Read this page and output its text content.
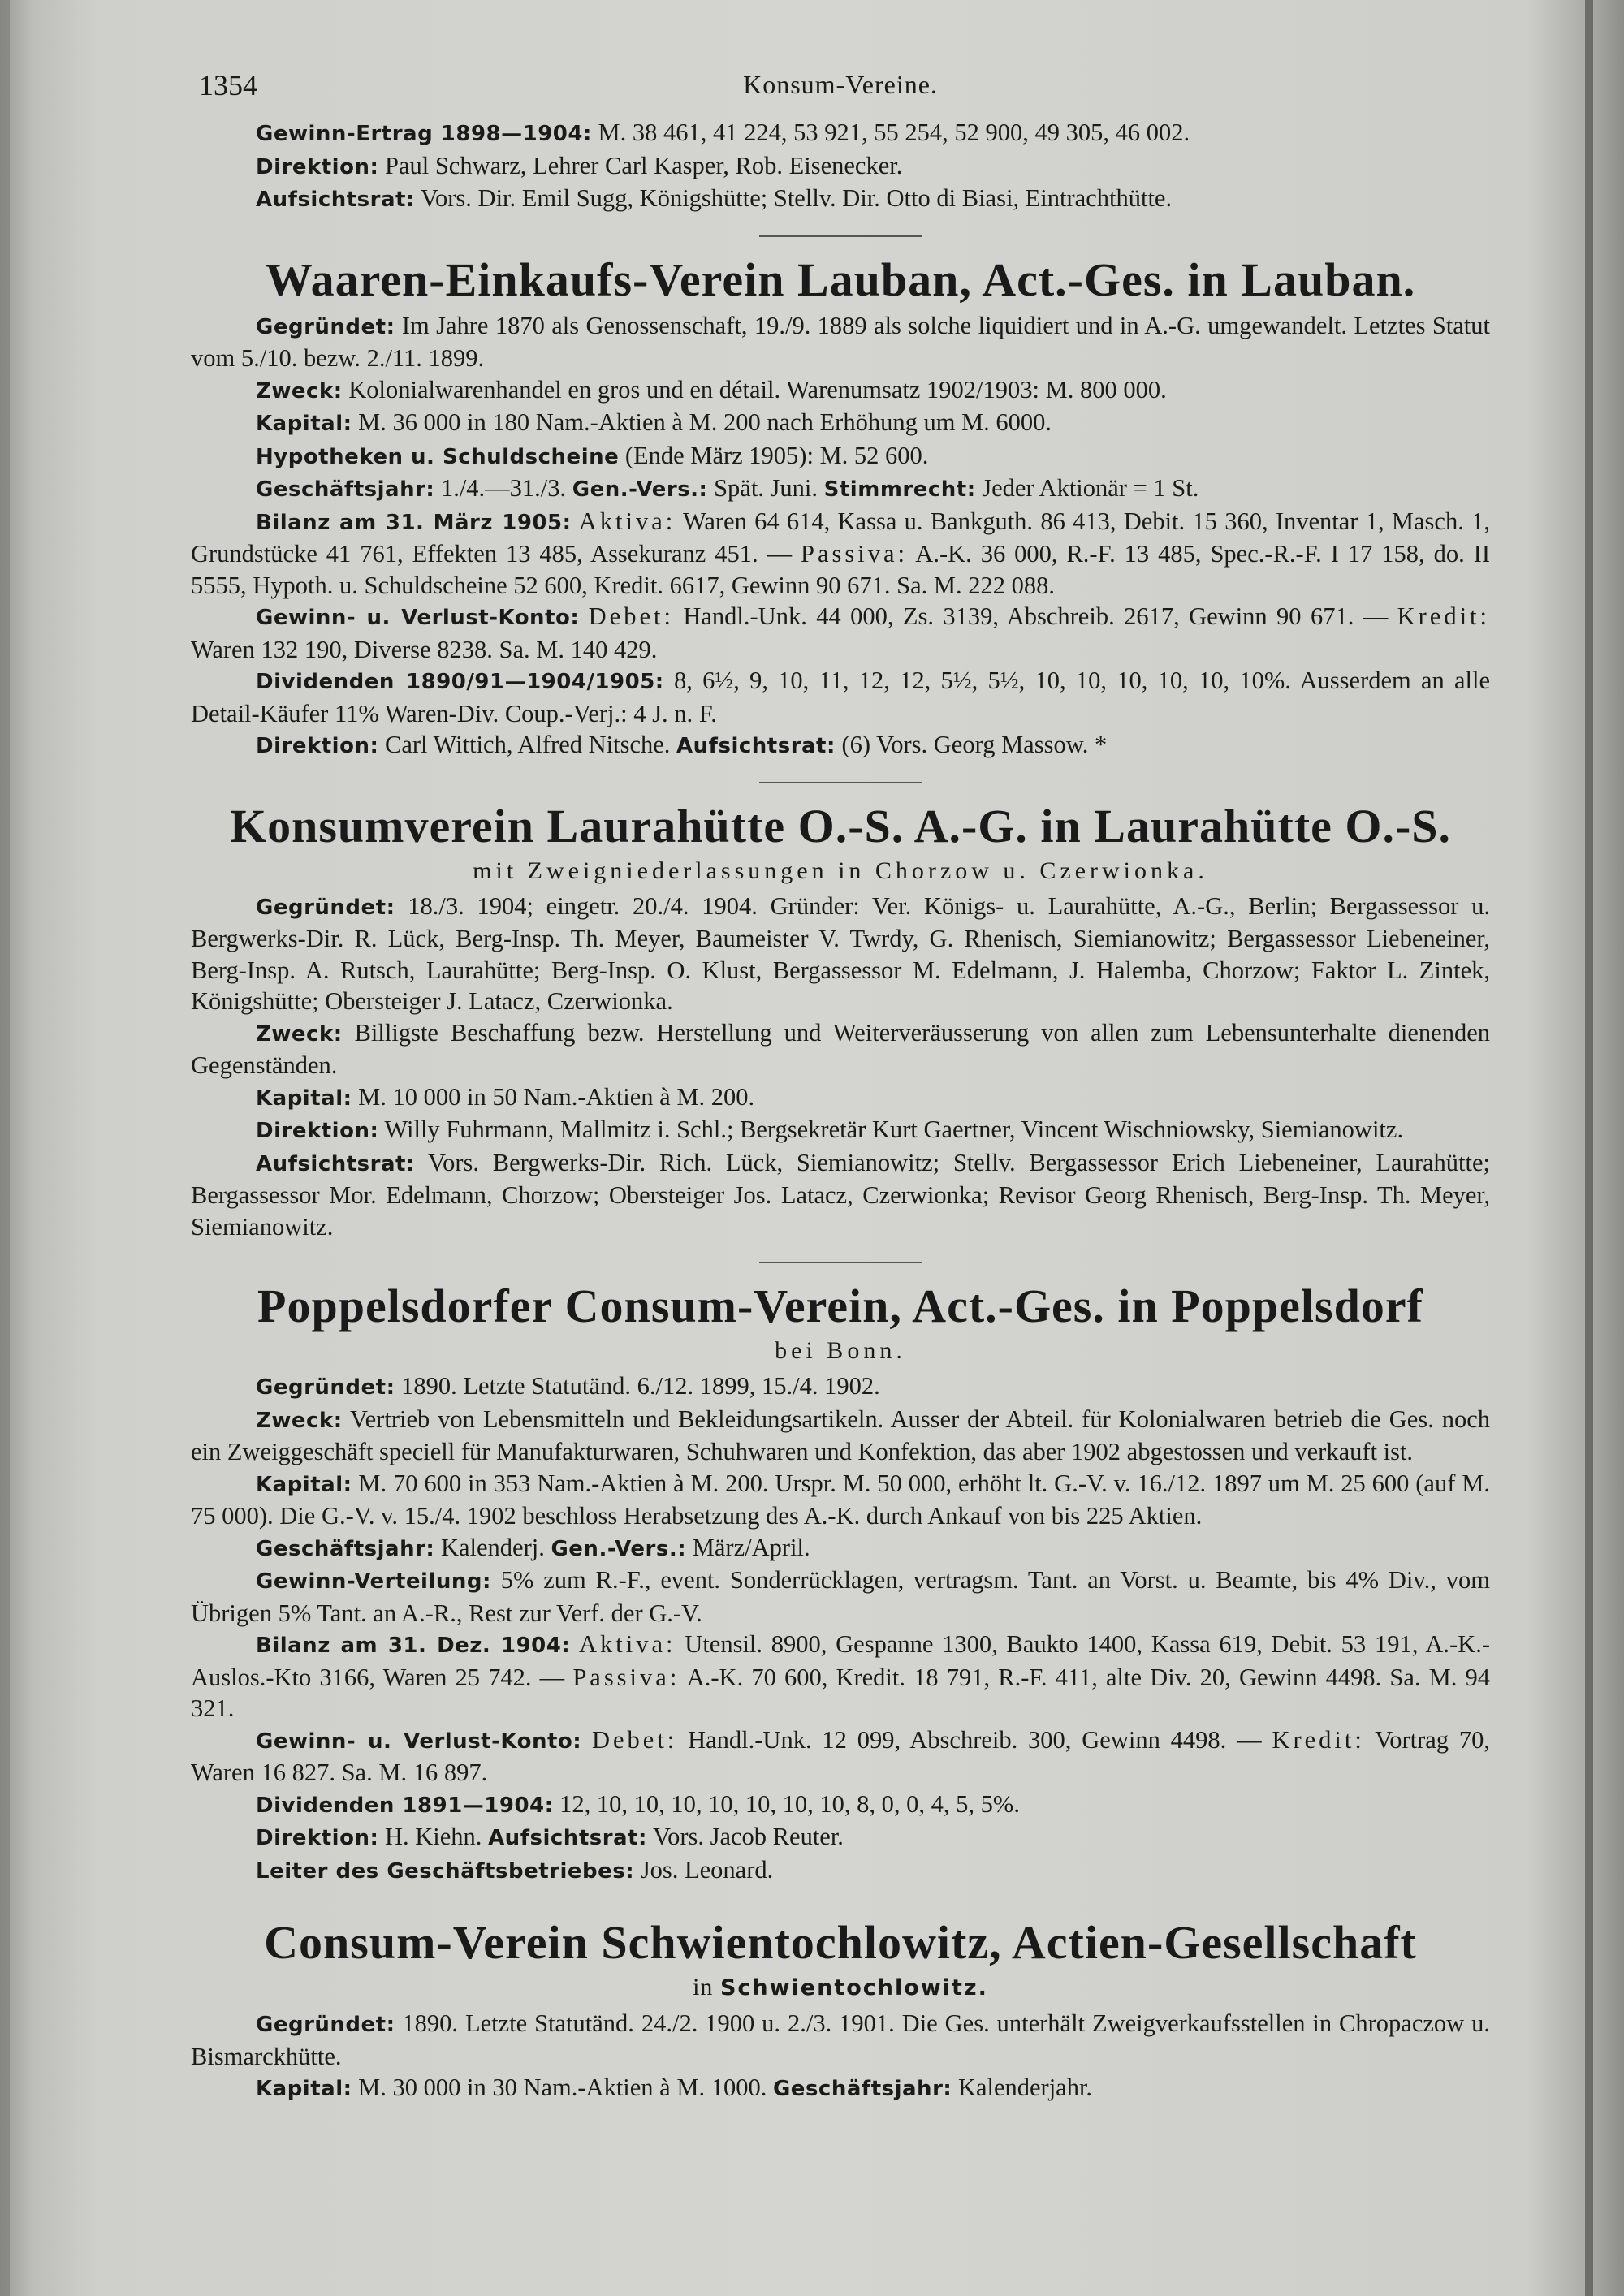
1354	Konsum-Vereine.

Gewinn-Ertrag 1898—1904: M. 38 461, 41 224, 53 921, 55 254, 52 900, 49 305, 46 002.

Direktion: Paul Schwarz, Lehrer Carl Kasper, Rob. Eisenecker.

Aufsichtsrat: Vors. Dir. Emil Sugg, Königshütte; Stellv. Dir. Otto di Biasi, Eintrachthütte.

Waaren-Einkaufs-Verein Lauban, Act.-Ges. in Lauban.

Gegründet: Im Jahre 1870 als Genossenschaft, 19./9. 1889 als solche liquidiert und in A.-G. umgewandelt. Letztes Statut vom 5./10. bezw. 2./11. 1899.

Zweck: Kolonialwarenhandel en gros und en détail. Warenumsatz 1902/1903: M. 800 000.

Kapital: M. 36 000 in 180 Nam.-Aktien à M. 200 nach Erhöhung um M. 6000.

Hypotheken u. Schuldscheine (Ende März 1905): M. 52 600.

Geschäftsjahr: 1./4.—31./3. Gen.-Vers.: Spät. Juni. Stimmrecht: Jeder Aktionär = 1 St.

Bilanz am 31. März 1905: Aktiva: Waren 64 614, Kassa u. Bankguth. 86 413, Debit. 15 360, Inventar 1, Masch. 1, Grundstücke 41 761, Effekten 13 485, Assekuranz 451. — Passiva: A.-K. 36 000, R.-F. 13 485, Spec.-R.-F. I 17 158, do. II 5555, Hypoth. u. Schuldscheine 52 600, Kredit. 6617, Gewinn 90 671. Sa. M. 222 088.

Gewinn- u. Verlust-Konto: Debet: Handl.-Unk. 44 000, Zs. 3139, Abschreib. 2617, Gewinn 90 671. — Kredit: Waren 132 190, Diverse 8238. Sa. M. 140 429.

Dividenden 1890/91—1904/1905: 8, 6½, 9, 10, 11, 12, 12, 5½, 5½, 10, 10, 10, 10, 10, 10%. Ausserdem an alle Detail-Käufer 11% Waren-Div. Coup.-Verj.: 4 J. n. F.

Direktion: Carl Wittich, Alfred Nitsche. Aufsichtsrat: (6) Vors. Georg Massow. *

Konsumverein Laurahütte O.-S. A.-G. in Laurahütte O.-S.
mit Zweigniederlassungen in Chorzow u. Czerwionka.

Gegründet: 18./3. 1904; eingetr. 20./4. 1904. Gründer: Ver. Königs- u. Laurahütte, A.-G., Berlin; Bergassessor u. Bergwerks-Dir. R. Lück, Berg-Insp. Th. Meyer, Baumeister V. Twrdy, G. Rhenisch, Siemianowitz; Bergassessor Liebeneiner, Berg-Insp. A. Rutsch, Laurahütte; Berg-Insp. O. Klust, Bergassessor M. Edelmann, J. Halemba, Chorzow; Faktor L. Zintek, Königshütte; Obersteiger J. Latacz, Czerwionka.

Zweck: Billigste Beschaffung bezw. Herstellung und Weiterveräusserung von allen zum Lebensunterhalte dienenden Gegenständen.

Kapital: M. 10 000 in 50 Nam.-Aktien à M. 200.

Direktion: Willy Fuhrmann, Mallmitz i. Schl.; Bergsekretär Kurt Gaertner, Vincent Wischniowsky, Siemianowitz.

Aufsichtsrat: Vors. Bergwerks-Dir. Rich. Lück, Siemianowitz; Stellv. Bergassessor Erich Liebeneiner, Laurahütte; Bergassessor Mor. Edelmann, Chorzow; Obersteiger Jos. Latacz, Czerwionka; Revisor Georg Rhenisch, Berg-Insp. Th. Meyer, Siemianowitz.

Poppelsdorfer Consum-Verein, Act.-Ges. in Poppelsdorf
bei Bonn.

Gegründet: 1890. Letzte Statutänd. 6./12. 1899, 15./4. 1902.

Zweck: Vertrieb von Lebensmitteln und Bekleidungsartikeln. Ausser der Abteil. für Kolonialwaren betrieb die Ges. noch ein Zweiggeschäft speciell für Manufakturwaren, Schuhwaren und Konfektion, das aber 1902 abgestossen und verkauft ist.

Kapital: M. 70 600 in 353 Nam.-Aktien à M. 200. Urspr. M. 50 000, erhöht lt. G.-V. v. 16./12. 1897 um M. 25 600 (auf M. 75 000). Die G.-V. v. 15./4. 1902 beschloss Herabsetzung des A.-K. durch Ankauf von bis 225 Aktien.

Geschäftsjahr: Kalenderj. Gen.-Vers.: März/April.

Gewinn-Verteilung: 5% zum R.-F., event. Sonderrücklagen, vertragsm. Tant. an Vorst. u. Beamte, bis 4% Div., vom Übrigen 5% Tant. an A.-R., Rest zur Verf. der G.-V.

Bilanz am 31. Dez. 1904: Aktiva: Utensil. 8900, Gespanne 1300, Baukto 1400, Kassa 619, Debit. 53 191, A.-K.-Auslos.-Kto 3166, Waren 25 742. — Passiva: A.-K. 70 600, Kredit. 18 791, R.-F. 411, alte Div. 20, Gewinn 4498. Sa. M. 94 321.

Gewinn- u. Verlust-Konto: Debet: Handl.-Unk. 12 099, Abschreib. 300, Gewinn 4498. — Kredit: Vortrag 70, Waren 16 827. Sa. M. 16 897.

Dividenden 1891—1904: 12, 10, 10, 10, 10, 10, 10, 10, 8, 0, 0, 4, 5, 5%.

Direktion: H. Kiehn. Aufsichtsrat: Vors. Jacob Reuter.

Leiter des Geschäftsbetriebes: Jos. Leonard.

Consum-Verein Schwientochlowitz, Actien-Gesellschaft
in Schwientochlowitz.

Gegründet: 1890. Letzte Statutänd. 24./2. 1900 u. 2./3. 1901. Die Ges. unterhält Zweigverkaufsstellen in Chropaczow u. Bismarckhütte.

Kapital: M. 30 000 in 30 Nam.-Aktien à M. 1000. Geschäftsjahr: Kalenderjahr.
